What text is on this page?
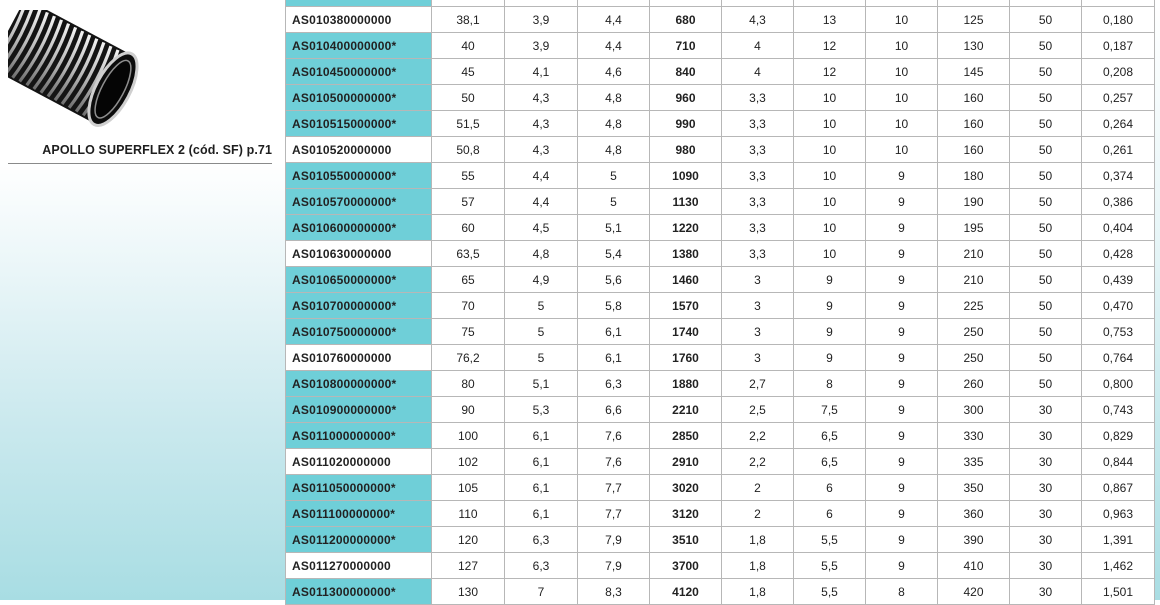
APOLLO SUPERFLEX 2 (cód. SF) p.71

AS010380000000	38,1	3,9	4,4	680	4,3	13	10	125	50	0,180
AS010400000000*	40	3,9	4,4	710	4	12	10	130	50	0,187
AS010450000000*	45	4,1	4,6	840	4	12	10	145	50	0,208
AS010500000000*	50	4,3	4,8	960	3,3	10	10	160	50	0,257
AS010515000000*	51,5	4,3	4,8	990	3,3	10	10	160	50	0,264
AS010520000000	50,8	4,3	4,8	980	3,3	10	10	160	50	0,261
AS010550000000*	55	4,4	5	1090	3,3	10	9	180	50	0,374
AS010570000000*	57	4,4	5	1130	3,3	10	9	190	50	0,386
AS010600000000*	60	4,5	5,1	1220	3,3	10	9	195	50	0,404
AS010630000000	63,5	4,8	5,4	1380	3,3	10	9	210	50	0,428
AS010650000000*	65	4,9	5,6	1460	3	9	9	210	50	0,439
AS010700000000*	70	5	5,8	1570	3	9	9	225	50	0,470
AS010750000000*	75	5	6,1	1740	3	9	9	250	50	0,753
AS010760000000	76,2	5	6,1	1760	3	9	9	250	50	0,764
AS010800000000*	80	5,1	6,3	1880	2,7	8	9	260	50	0,800
AS010900000000*	90	5,3	6,6	2210	2,5	7,5	9	300	30	0,743
AS011000000000*	100	6,1	7,6	2850	2,2	6,5	9	330	30	0,829
AS011020000000	102	6,1	7,6	2910	2,2	6,5	9	335	30	0,844
AS011050000000*	105	6,1	7,7	3020	2	6	9	350	30	0,867
AS011100000000*	110	6,1	7,7	3120	2	6	9	360	30	0,963
AS011200000000*	120	6,3	7,9	3510	1,8	5,5	9	390	30	1,391
AS011270000000	127	6,3	7,9	3700	1,8	5,5	9	410	30	1,462
AS011300000000*	130	7	8,3	4120	1,8	5,5	8	420	30	1,501
